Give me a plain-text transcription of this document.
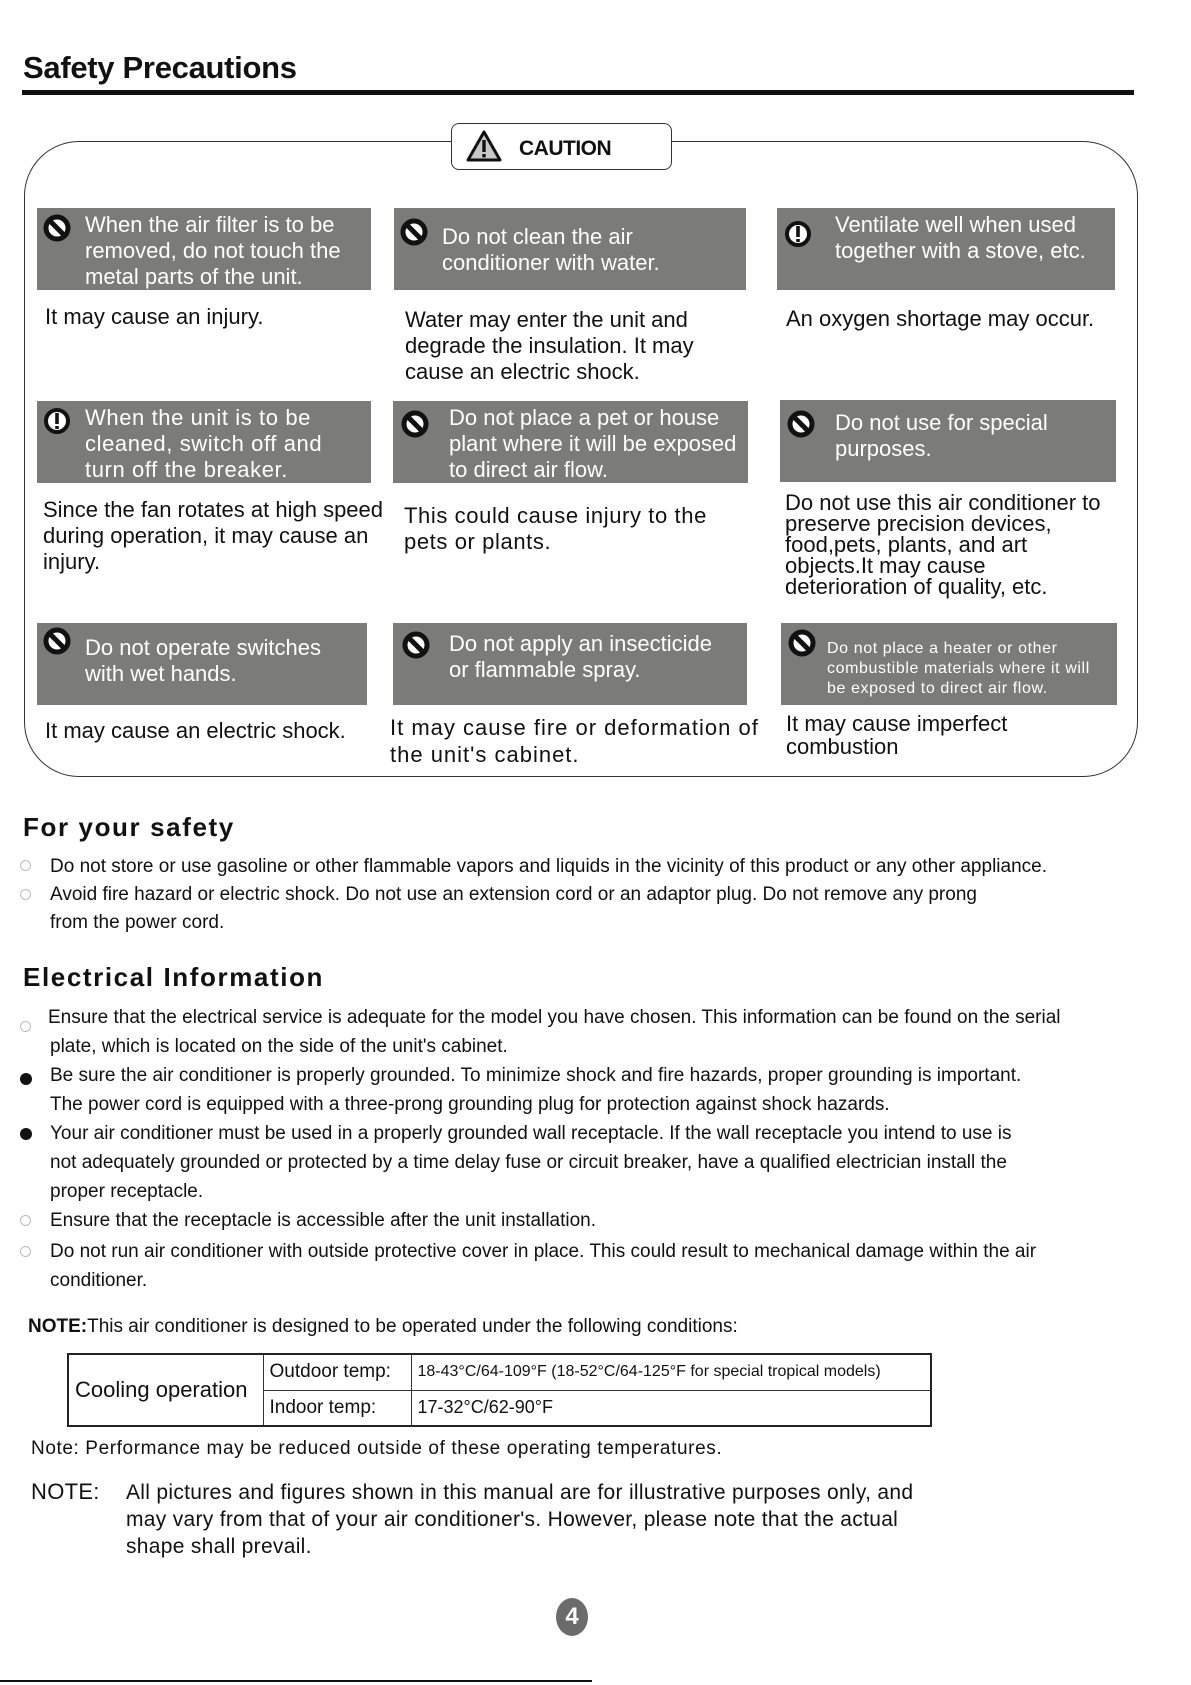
Safety Precautions
CAUTION
When the air filter is to be removed, do not touch the metal parts of the unit.
It may cause an injury.
Do not clean the air conditioner with water.
Water may enter the unit and degrade the insulation. It may cause an electric shock.
Ventilate well when used together with a stove, etc.
An oxygen shortage may occur.
When the unit is to be cleaned, switch off and turn off the breaker.
Since the fan rotates at high speed during operation, it may cause an injury.
Do not place a pet or house plant where it will be exposed to direct air flow.
This could cause injury to the pets or plants.
Do not use for special purposes.
Do not use this air conditioner to preserve precision devices, food,pets, plants, and art objects.It may cause deterioration of quality, etc.
Do not operate switches with wet hands.
It may cause an electric shock.
Do not apply an insecticide or flammable spray.
It may cause fire or deformation of the unit's cabinet.
Do not place a heater or other combustible materials where it will be exposed to direct air flow.
It may cause imperfect combustion
For your safety
Do not store or use gasoline or other flammable vapors and liquids in the vicinity of this product or any other appliance.
Avoid fire hazard or electric shock. Do not use an extension cord or an adaptor plug. Do not remove any prong
from the power cord.
Electrical Information
Ensure that the electrical service is adequate for the model you have chosen. This information can be found on the serial
plate, which is located on the side of the unit's cabinet.
Be sure the air conditioner is properly grounded. To minimize shock and fire hazards, proper grounding is important.
The power cord is equipped with a three-prong grounding plug for protection against shock hazards.
Your air conditioner must be used in a properly grounded wall receptacle. If the wall receptacle you intend to use is
not adequately grounded or protected by a time delay fuse or circuit breaker, have a qualified electrician install the
proper receptacle.
Ensure that the receptacle is accessible after the unit installation.
Do not run air conditioner with outside protective cover in place. This could result to mechanical damage within the air
conditioner.
NOTE:This air conditioner is designed to be operated under the following conditions:
Cooling operation	Outdoor temp:	18-43°C/64-109°F (18-52°C/64-125°F for special tropical models)
	Indoor temp:	17-32°C/62-90°F
Note: Performance may be reduced outside of these operating temperatures.
NOTE: All pictures and figures shown in this manual are for illustrative purposes only, and
may vary from that of your air conditioner's. However, please note that the actual
shape shall prevail.
4
